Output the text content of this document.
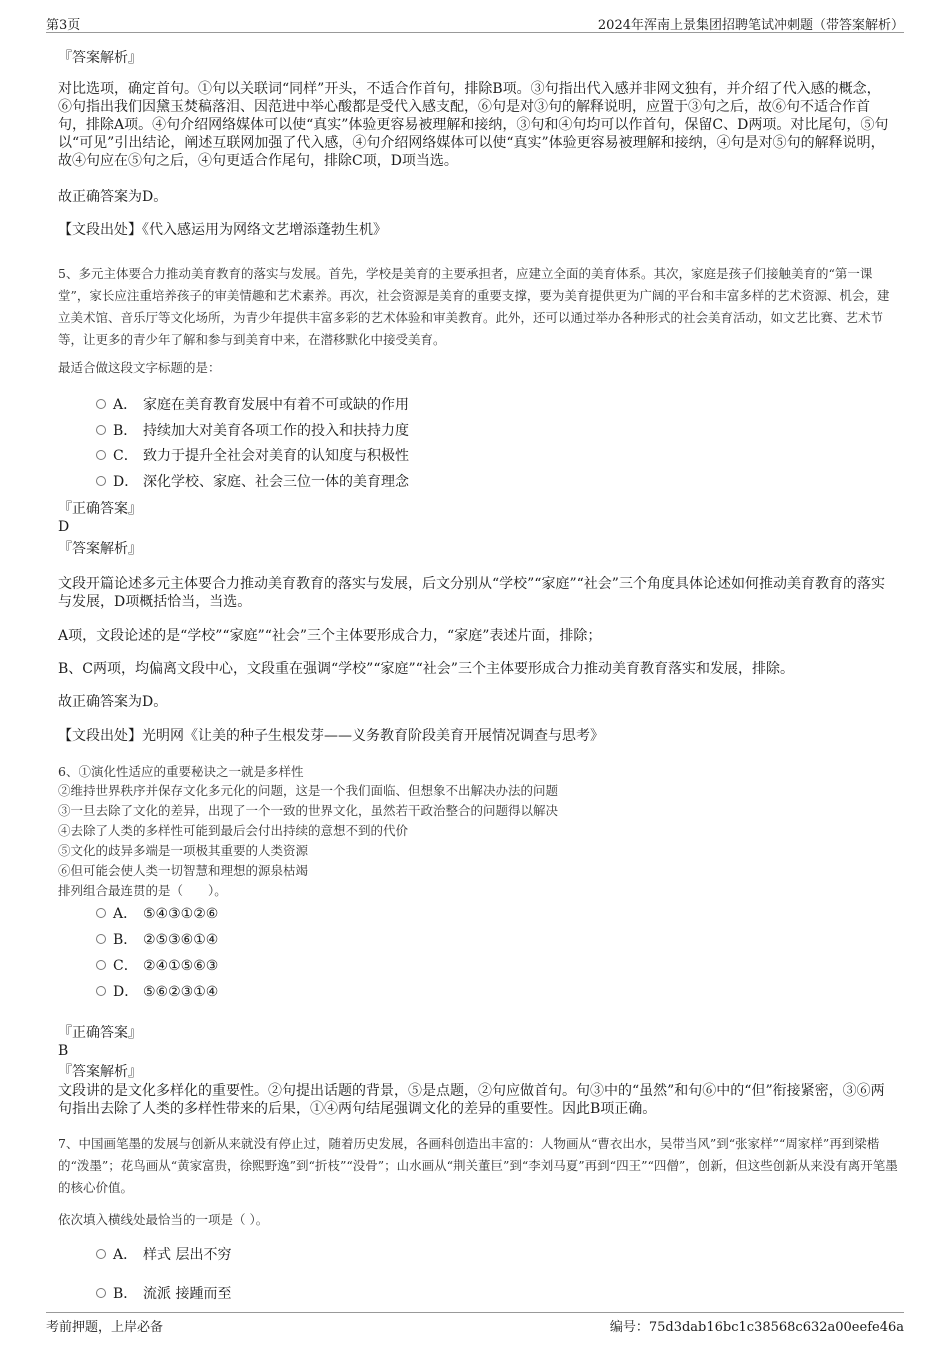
第3页	2024年浑南上景集团招聘笔试冲刺题（带答案解析）
『答案解析』
对比选项，确定首句。①句以关联词“同样”开头，不适合作首句，排除B项。③句指出代入感并非网文独有，并介绍了代入感的概念，⑥句指出我们因黛玉焚稿落泪、因范进中举心酸都是受代入感支配，⑥句是对③句的解释说明，应置于③句之后，故⑥句不适合作首句，排除A项。④句介绍网络媒体可以使“真实”体验更容易被理解和接纳，③句和④句均可以作首句，保留C、D两项。对比尾句，⑤句以“可见”引出结论，阐述互联网加强了代入感，④句介绍网络媒体可以使“真实”体验更容易被理解和接纳，④句是对⑤句的解释说明，故④句应在⑤句之后，④句更适合作尾句，排除C项，D项当选。
故正确答案为D。
【文段出处】《代入感运用为网络文艺增添蓬勃生机》
5、多元主体要合力推动美育教育的落实与发展。首先，学校是美育的主要承担者，应建立全面的美育体系。其次，家庭是孩子们接触美育的“第一课堂”，家长应注重培养孩子的审美情趣和艺术素养。再次，社会资源是美育的重要支撑，要为美育提供更为广阔的平台和丰富多样的艺术资源、机会，建立美术馆、音乐厅等文化场所，为青少年提供丰富多彩的艺术体验和审美教育。此外，还可以通过举办各种形式的社会美育活动，如文艺比赛、艺术节等，让更多的青少年了解和参与到美育中来，在潜移默化中接受美育。
最适合做这段文字标题的是：
A． 家庭在美育教育发展中有着不可或缺的作用
B． 持续加大对美育各项工作的投入和扶持力度
C． 致力于提升全社会对美育的认知度与积极性
D． 深化学校、家庭、社会三位一体的美育理念
『正确答案』
D
『答案解析』
文段开篇论述多元主体要合力推动美育教育的落实与发展，后文分别从“学校”“家庭”“社会”三个角度具体论述如何推动美育教育的落实与发展，D项概括恰当，当选。
A项，文段论述的是“学校”“家庭”“社会”三个主体要形成合力，“家庭”表述片面，排除；
B、C两项，均偏离文段中心，文段重在强调“学校”“家庭”“社会”三个主体要形成合力推动美育教育落实和发展，排除。
故正确答案为D。
【文段出处】光明网《让美的种子生根发芽——义务教育阶段美育开展情况调查与思考》
6、①演化性适应的重要秘诀之一就是多样性
②维持世界秩序并保存文化多元化的问题，这是一个我们面临、但想象不出解决办法的问题
③一旦去除了文化的差异，出现了一个一致的世界文化，虽然若干政治整合的问题得以解决
④去除了人类的多样性可能到最后会付出持续的意想不到的代价
⑤文化的歧异多端是一项极其重要的人类资源
⑥但可能会使人类一切智慧和理想的源泉枯竭
排列组合最连贯的是（　　）。
A． ⑤④③①②⑥
B． ②⑤③⑥①④
C． ②④①⑤⑥③
D． ⑤⑥②③①④
『正确答案』
B
『答案解析』
文段讲的是文化多样化的重要性。②句提出话题的背景，⑤是点题，②句应做首句。句③中的“虽然”和句⑥中的“但”衔接紧密，③⑥两句指出去除了人类的多样性带来的后果，①④两句结尾强调文化的差异的重要性。因此B项正确。
7、中国画笔墨的发展与创新从来就没有停止过，随着历史发展，各画科创造出丰富的：人物画从“曹衣出水，吴带当风”到“张家样”“周家样”再到梁楷的“泼墨”；花鸟画从“黄家富贵，徐熙野逸”到“折枝”“没骨”；山水画从“荆关董巨”到“李刘马夏”再到“四王”“四僧”，创新，但这些创新从来没有离开笔墨的核心价值。
依次填入横线处最恰当的一项是（ ）。
A． 样式 层出不穷
B． 流派 接踵而至
考前押题，上岸必备	编号：75d3dab16bc1c38568c632a00eefe46a
